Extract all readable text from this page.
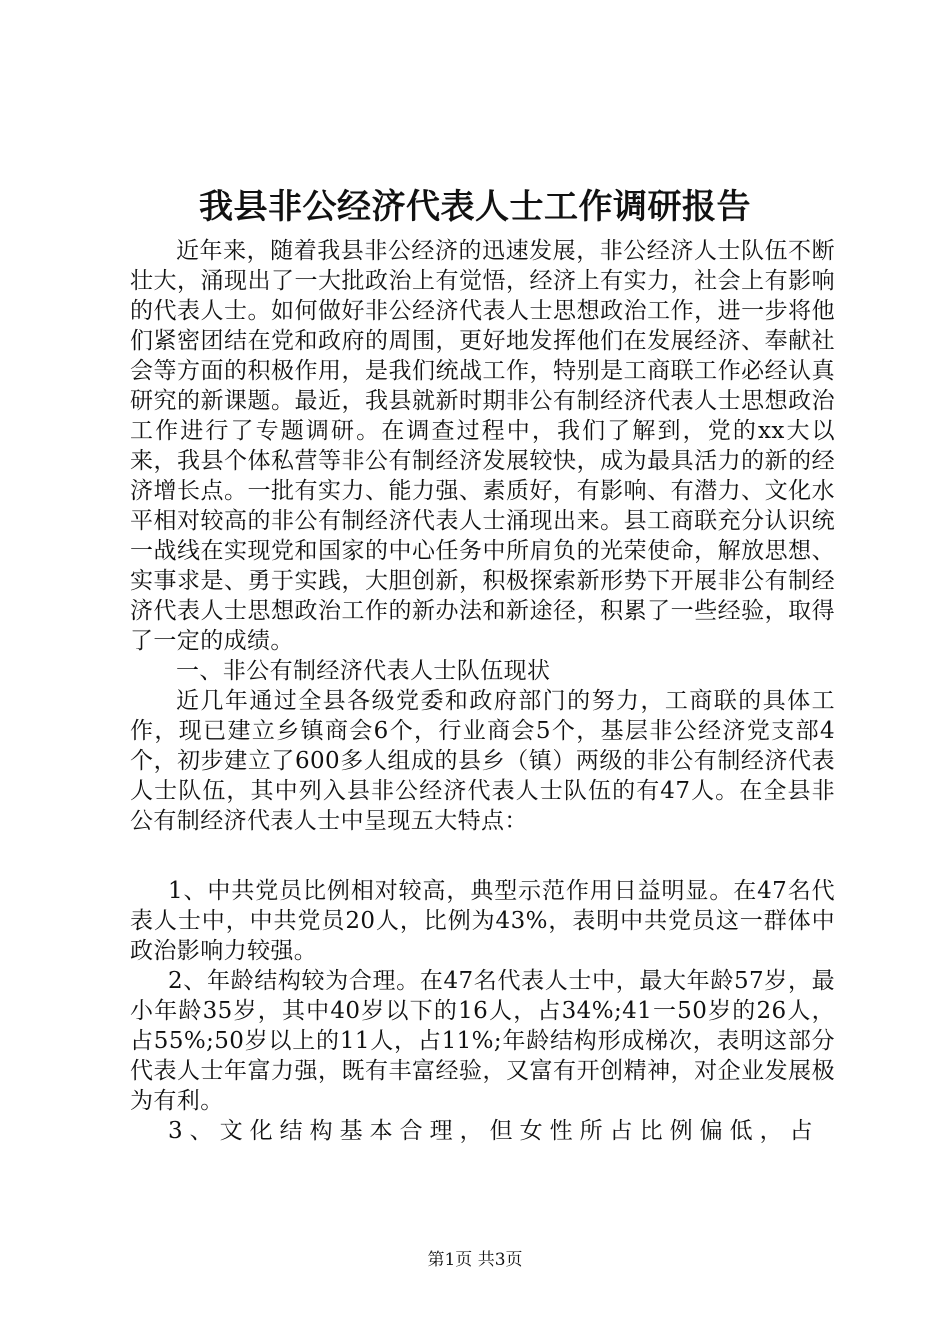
我县非公经济代表人士工作调研报告

近年来，随着我县非公经济的迅速发展，非公经济人士队伍不断壮大，涌现出了一大批政治上有觉悟，经济上有实力，社会上有影响的代表人士。如何做好非公经济代表人士思想政治工作，进一步将他们紧密团结在党和政府的周围，更好地发挥他们在发展经济、奉献社会等方面的积极作用，是我们统战工作，特别是工商联工作必经认真研究的新课题。最近，我县就新时期非公有制经济代表人士思想政治工作进行了专题调研。在调查过程中，我们了解到，党的xx大以来，我县个体私营等非公有制经济发展较快，成为最具活力的新的经济增长点。一批有实力、能力强、素质好，有影响、有潜力、文化水平相对较高的非公有制经济代表人士涌现出来。县工商联充分认识统一战线在实现党和国家的中心任务中所肩负的光荣使命，解放思想、实事求是、勇于实践，大胆创新，积极探索新形势下开展非公有制经济代表人士思想政治工作的新办法和新途径，积累了一些经验，取得了一定的成绩。

一、非公有制经济代表人士队伍现状

近几年通过全县各级党委和政府部门的努力，工商联的具体工作，现已建立乡镇商会6个，行业商会5个，基层非公经济党支部4个，初步建立了600多人组成的县乡（镇）两级的非公有制经济代表人士队伍，其中列入县非公经济代表人士队伍的有47人。在全县非公有制经济代表人士中呈现五大特点：

1、中共党员比例相对较高，典型示范作用日益明显。在47名代表人士中，中共党员20人，比例为43%，表明中共党员这一群体中政治影响力较强。

2、年龄结构较为合理。在47名代表人士中，最大年龄57岁，最小年龄35岁，其中40岁以下的16人，占34%;41一50岁的26人，占55%;50岁以上的11人，占11%;年龄结构形成梯次，表明这部分代表人士年富力强，既有丰富经验，又富有开创精神，对企业发展极为有利。

3、文化结构基本合理，但女性所占比例偏低，占

第1页 共3页
